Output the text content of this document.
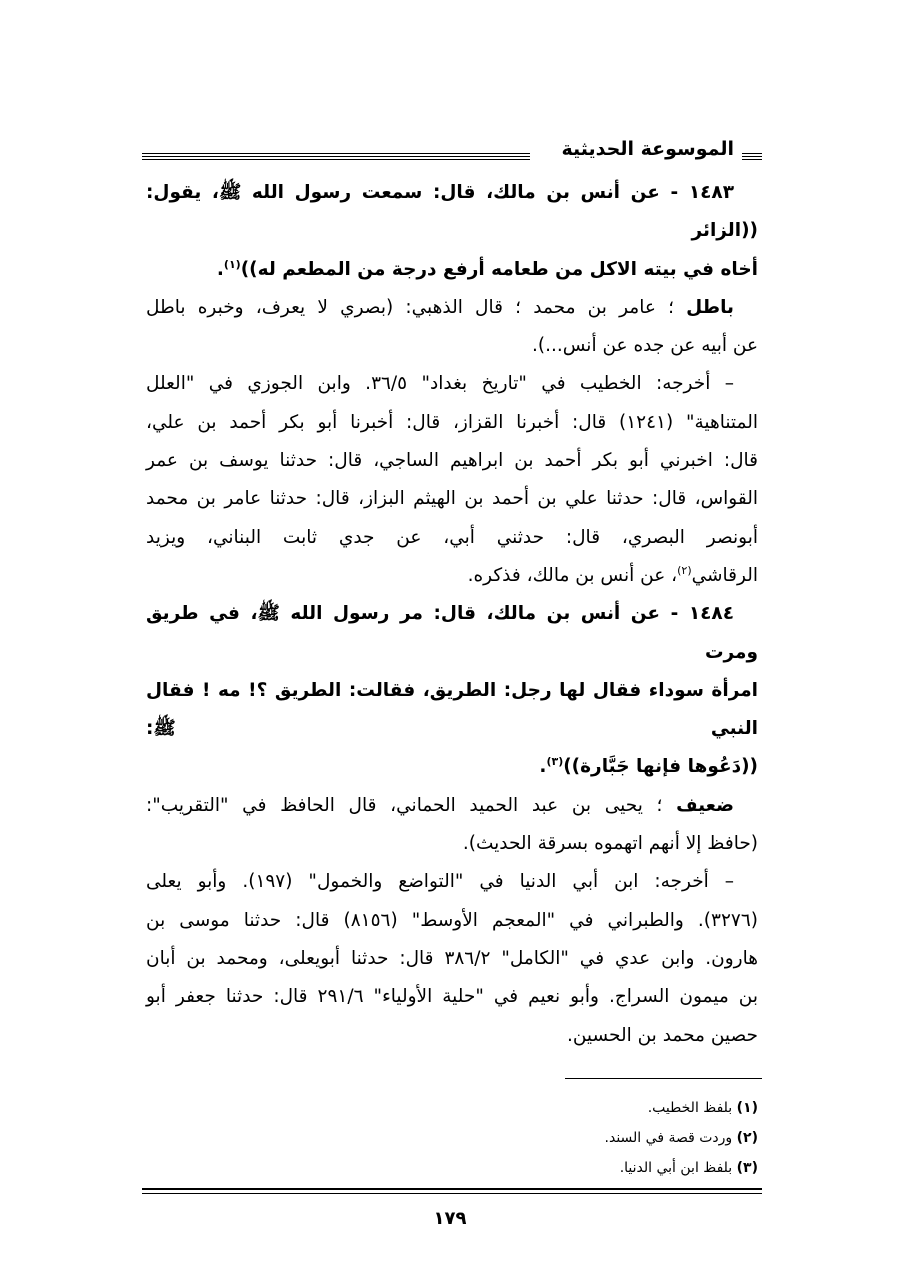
الموسوعة الحديثية

١٤٨٣ - عن أنس بن مالك، قال: سمعت رسول الله ﷺ، يقول: ((الزائر

أخاه في بيته الاكل من طعامه أرفع درجة من المطعم له))$^{(١)}$.

باطل ؛ عامر بن محمد ؛ قال الذهبي: (بصري لا يعرف، وخبره باطل

عن أبيه عن جده عن أنس...).

– أخرجه: الخطيب في "تاريخ بغداد" ٣٦/٥. وابن الجوزي في "العلل

المتناهية" (١٢٤١) قال: أخبرنا القزاز، قال: أخبرنا أبو بكر أحمد بن علي،

قال: اخبرني أبو بكر أحمد بن ابراهيم الساجي، قال: حدثنا يوسف بن عمر

القواس، قال: حدثنا علي بن أحمد بن الهيثم البزاز، قال: حدثنا عامر بن محمد

أبونصر البصري، قال: حدثني أبي، عن جدي ثابت البناني، ويزيد

الرقاشي$^{(٢)}$، عن أنس بن مالك، فذكره.

١٤٨٤ - عن أنس بن مالك، قال: مر رسول الله ﷺ، في طريق ومرت

امرأة سوداء فقال لها رجل: الطريق، فقالت: الطريق ؟! مه ! فقال النبي ﷺ:

((دَعُوها فإنها جَبَّارة))$^{(٣)}$.

ضعيف ؛ يحيى بن عبد الحميد الحماني، قال الحافظ في "التقريب":

(حافظ إلا أنهم اتهموه بسرقة الحديث).

– أخرجه: ابن أبي الدنيا في "التواضع والخمول" (١٩٧). وأبو يعلى

(٣٢٧٦). والطبراني في "المعجم الأوسط" (٨١٥٦) قال: حدثنا موسى بن

هارون. وابن عدي في "الكامل" ٣٨٦/٢ قال: حدثنا أبويعلى، ومحمد بن أبان

بن ميمون السراج. وأبو نعيم في "حلية الأولياء" ٢٩١/٦ قال: حدثنا جعفر أبو

حصين محمد بن الحسين.

(١) بلفظ الخطيب.
(٢) وردت قصة في السند.
(٣) بلفظ ابن أبي الدنيا.
١٧٩
